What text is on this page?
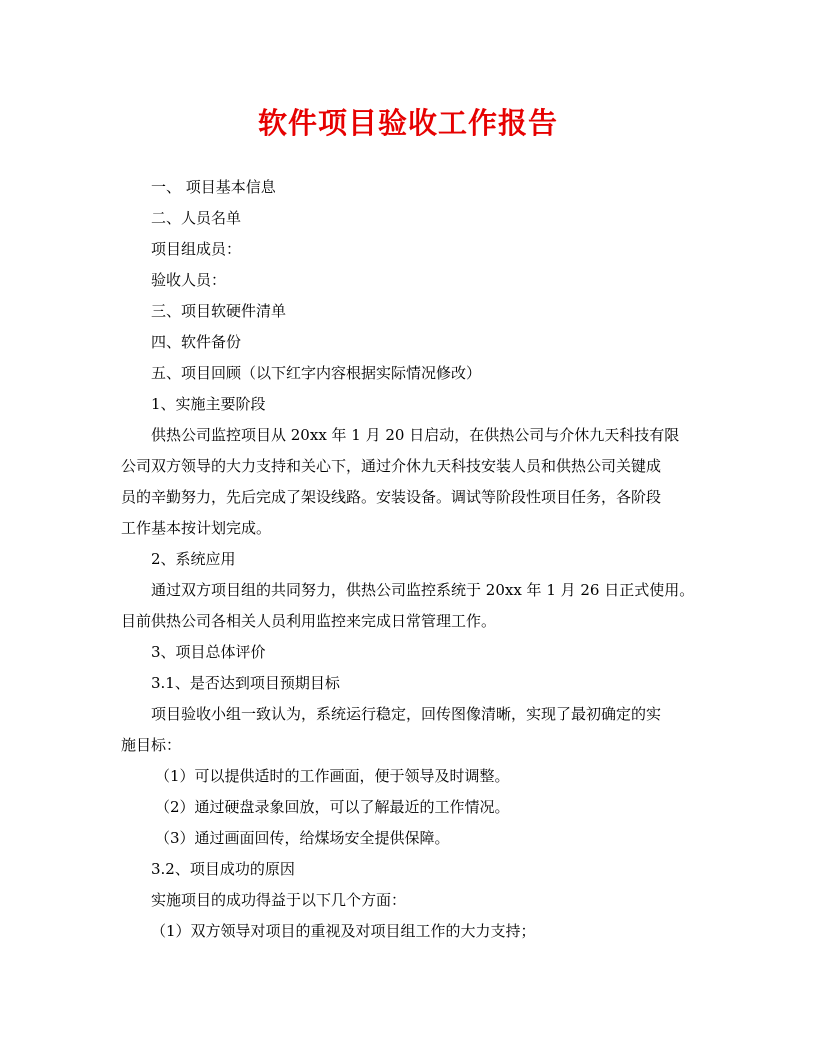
软件项目验收工作报告

一、 项目基本信息

二、人员名单

项目组成员：

验收人员：

三、项目软硬件清单

四、软件备份

五、项目回顾（以下红字内容根据实际情况修改）

1、实施主要阶段

供热公司监控项目从 20xx 年 1 月 20 日启动，在供热公司与介休九天科技有限

公司双方领导的大力支持和关心下，通过介休九天科技安装人员和供热公司关键成

员的辛勤努力，先后完成了架设线路。安装设备。调试等阶段性项目任务，各阶段

工作基本按计划完成。

2、系统应用

通过双方项目组的共同努力，供热公司监控系统于 20xx 年 1 月 26 日正式使用。

目前供热公司各相关人员利用监控来完成日常管理工作。

3、项目总体评价

3.1、是否达到项目预期目标

项目验收小组一致认为，系统运行稳定，回传图像清晰，实现了最初确定的实

施目标：

（1）可以提供适时的工作画面，便于领导及时调整。

（2）通过硬盘录象回放，可以了解最近的工作情况。

（3）通过画面回传，给煤场安全提供保障。

3.2、项目成功的原因

实施项目的成功得益于以下几个方面：

（1）双方领导对项目的重视及对项目组工作的大力支持；
